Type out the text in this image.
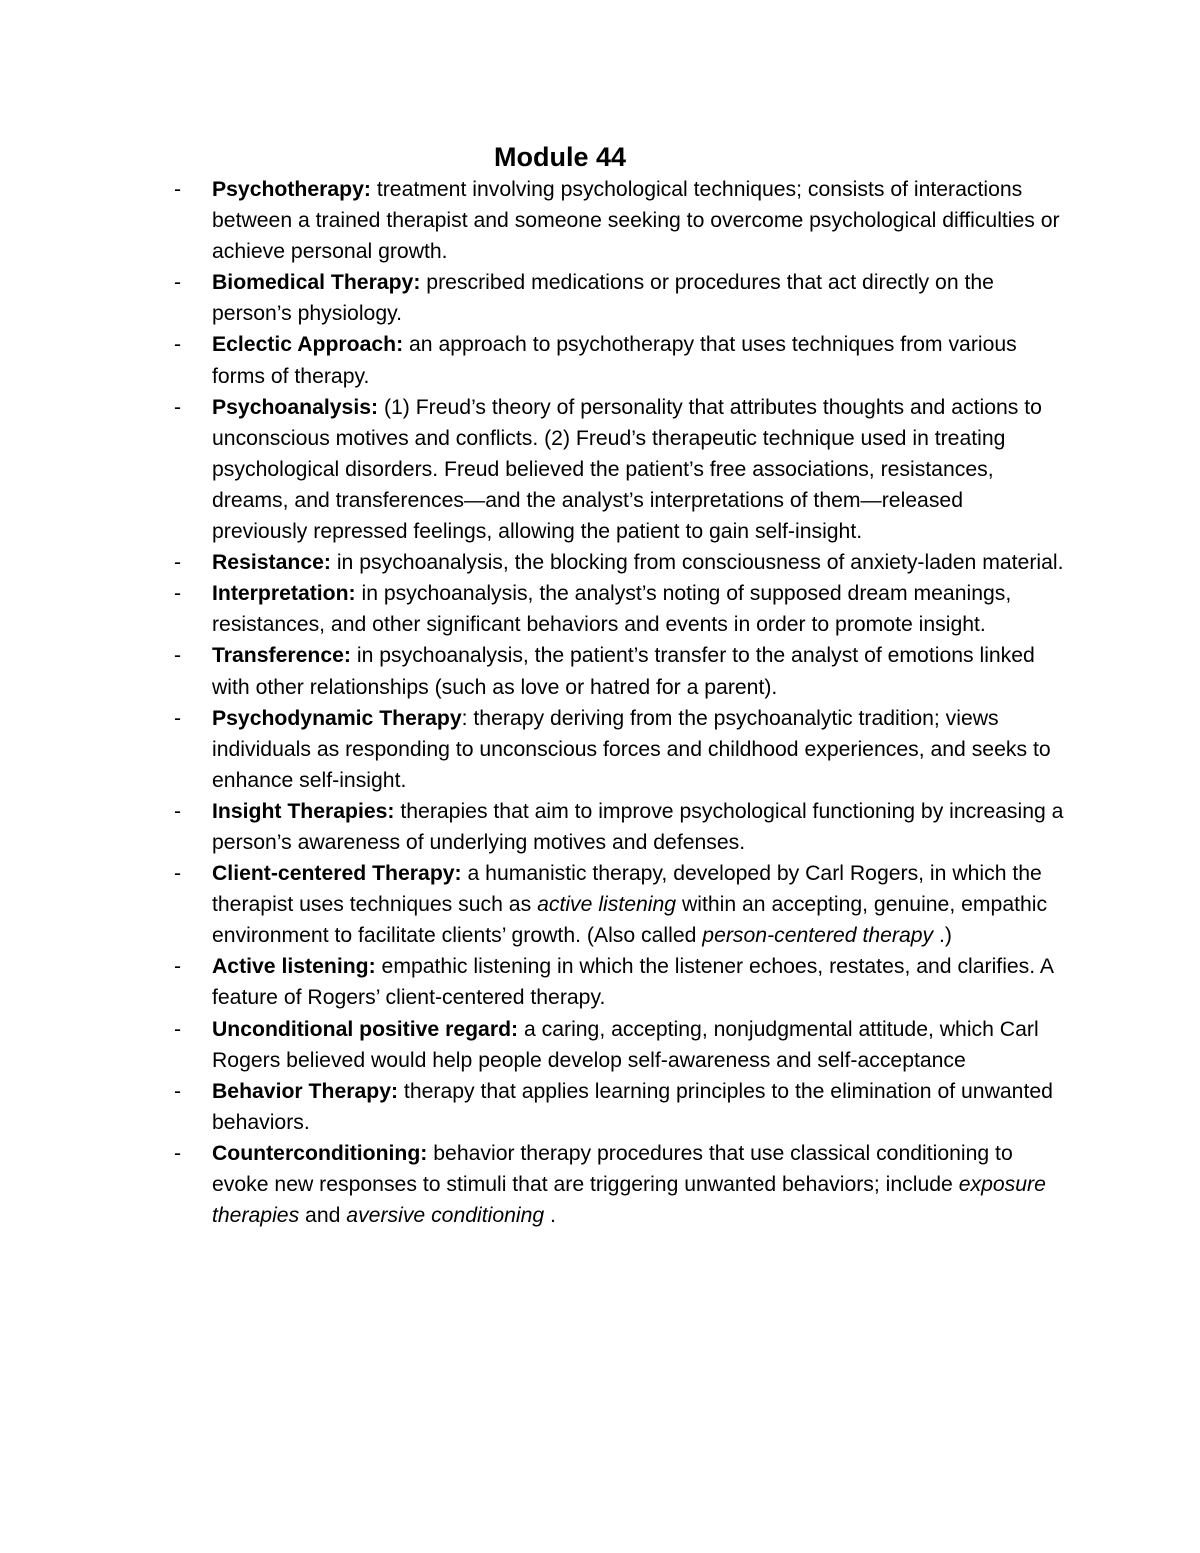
Module 44
- Psychotherapy: treatment involving psychological techniques; consists of interactions between a trained therapist and someone seeking to overcome psychological difficulties or achieve personal growth.
- Biomedical Therapy: prescribed medications or procedures that act directly on the person’s physiology.
- Eclectic Approach: an approach to psychotherapy that uses techniques from various forms of therapy.
- Psychoanalysis: (1) Freud’s theory of personality that attributes thoughts and actions to unconscious motives and conflicts. (2) Freud’s therapeutic technique used in treating psychological disorders. Freud believed the patient’s free associations, resistances, dreams, and transferences—and the analyst’s interpretations of them—released previously repressed feelings, allowing the patient to gain self-insight.
- Resistance: in psychoanalysis, the blocking from consciousness of anxiety-laden material.
- Interpretation: in psychoanalysis, the analyst’s noting of supposed dream meanings, resistances, and other significant behaviors and events in order to promote insight.
- Transference: in psychoanalysis, the patient’s transfer to the analyst of emotions linked with other relationships (such as love or hatred for a parent).
- Psychodynamic Therapy: therapy deriving from the psychoanalytic tradition; views individuals as responding to unconscious forces and childhood experiences, and seeks to enhance self-insight.
- Insight Therapies: therapies that aim to improve psychological functioning by increasing a person’s awareness of underlying motives and defenses.
- Client-centered Therapy: a humanistic therapy, developed by Carl Rogers, in which the therapist uses techniques such as active listening within an accepting, genuine, empathic environment to facilitate clients’ growth. (Also called person-centered therapy .)
- Active listening: empathic listening in which the listener echoes, restates, and clarifies. A feature of Rogers’ client-centered therapy.
- Unconditional positive regard: a caring, accepting, nonjudgmental attitude, which Carl Rogers believed would help people develop self-awareness and self-acceptance
- Behavior Therapy: therapy that applies learning principles to the elimination of unwanted behaviors.
- Counterconditioning: behavior therapy procedures that use classical conditioning to evoke new responses to stimuli that are triggering unwanted behaviors; include exposure therapies and aversive conditioning .
